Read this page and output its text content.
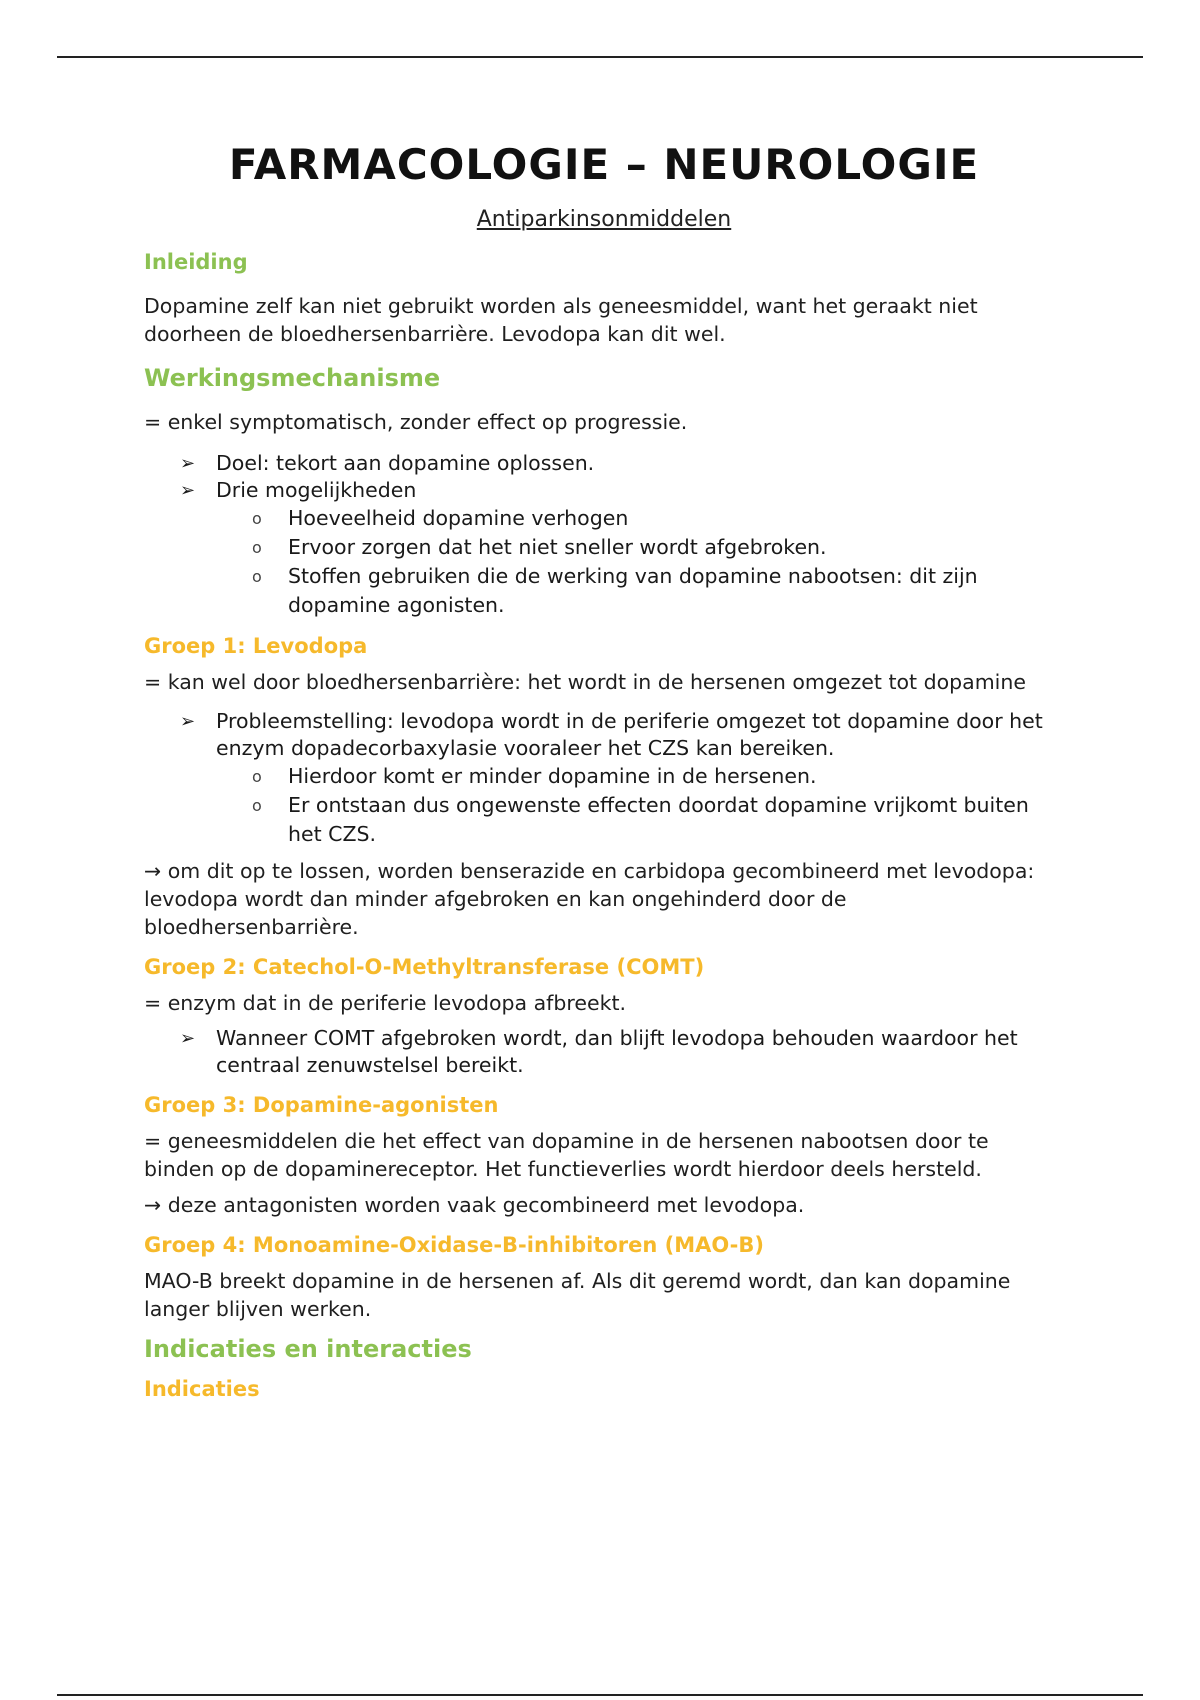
FARMACOLOGIE – NEUROLOGIE
Antiparkinsonmiddelen
Inleiding

Dopamine zelf kan niet gebruikt worden als geneesmiddel, want het geraakt niet doorheen de bloedhersenbarrière. Levodopa kan dit wel.

Werkingsmechanisme

= enkel symptomatisch, zonder effect op progressie.

➢ Doel: tekort aan dopamine oplossen.
➢ Drie mogelijkheden
o Hoeveelheid dopamine verhogen
o Ervoor zorgen dat het niet sneller wordt afgebroken.
o Stoffen gebruiken die de werking van dopamine nabootsen: dit zijn dopamine agonisten.
Groep 1: Levodopa

= kan wel door bloedhersenbarrière: het wordt in de hersenen omgezet tot dopamine

➢ Probleemstelling: levodopa wordt in de periferie omgezet tot dopamine door het enzym dopadecorbaxylasie vooraleer het CZS kan bereiken.
o Hierdoor komt er minder dopamine in de hersenen.
o Er ontstaan dus ongewenste effecten doordat dopamine vrijkomt buiten het CZS.

→ om dit op te lossen, worden benserazide en carbidopa gecombineerd met levodopa: levodopa wordt dan minder afgebroken en kan ongehinderd door de bloedhersenbarrière.

Groep 2: Catechol-O-Methyltransferase (COMT)

= enzym dat in de periferie levodopa afbreekt.

➢ Wanneer COMT afgebroken wordt, dan blijft levodopa behouden waardoor het centraal zenuwstelsel bereikt.
Groep 3: Dopamine-agonisten

= geneesmiddelen die het effect van dopamine in de hersenen nabootsen door te binden op de dopaminereceptor. Het functieverlies wordt hierdoor deels hersteld.

→ deze antagonisten worden vaak gecombineerd met levodopa.

Groep 4: Monoamine-Oxidase-B-inhibitoren (MAO-B)

MAO-B breekt dopamine in de hersenen af. Als dit geremd wordt, dan kan dopamine langer blijven werken.

Indicaties en interacties
Indicaties
